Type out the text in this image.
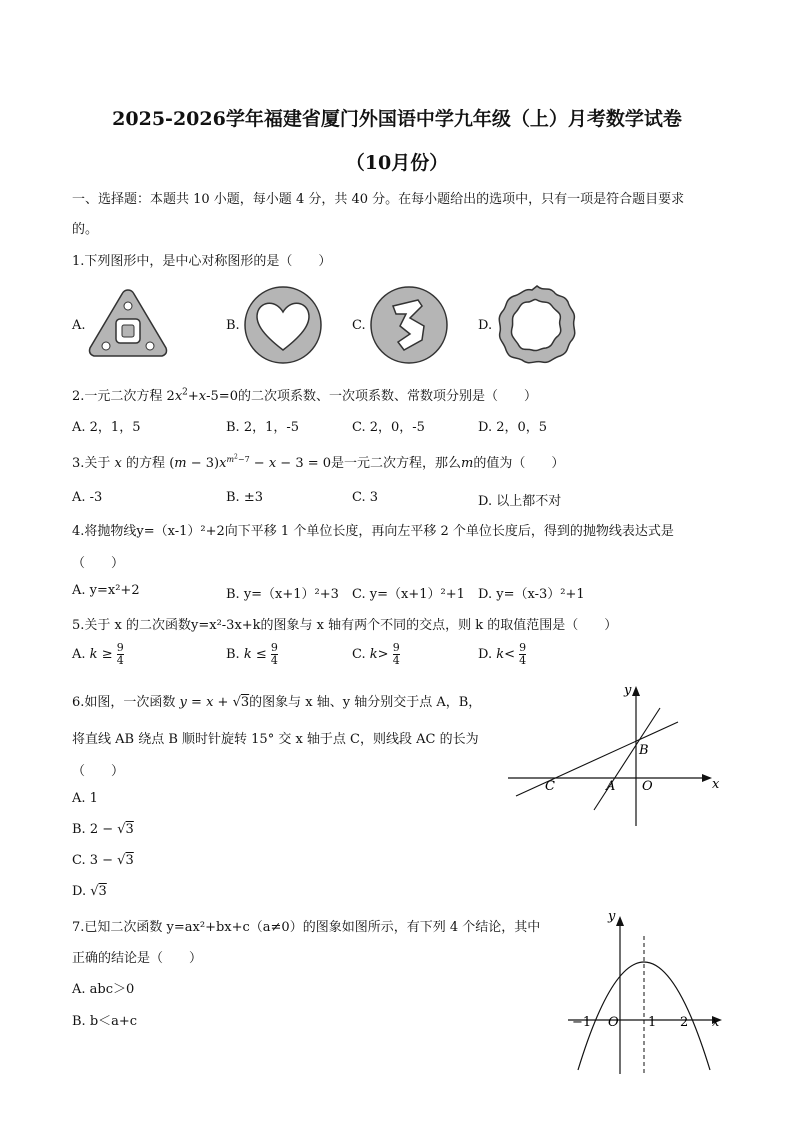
2025-2026学年福建省厦门外国语中学九年级（上）月考数学试卷
（10月份）
一、选择题：本题共 10 小题，每小题 4 分，共 40 分。在每小题给出的选项中，只有一项是符合题目要求
的。
1.下列图形中，是中心对称图形的是（　　）
A.	B.	C.	D.
2.一元二次方程 $2x^2+x-5=0$的二次项系数、一次项系数、常数项分别是（　　）
A. 2，1，5	B. 2，1，-5	C. 2，0，-5	D. 2，0，5
3.关于 x 的方程 $(m - 3)x^{m^2-7} - x - 3 = 0$是一元二次方程，那么m的值为（　　）
A. -3	B. ±3	C. 3	D. 以上都不对
4.将抛物线y=（x-1）²+2向下平移 1 个单位长度，再向左平移 2 个单位长度后，得到的抛物线表达式是
（　　）
A. y=x²+2	B. y=（x+1）²+3 C. y=（x+1）²+1 D. y=（x-3）²+1
5.关于 x 的二次函数y=x²-3x+k的图象与 x 轴有两个不同的交点，则 k 的取值范围是（　　）
A. $k \ge \frac{9}{4}$	B. $k \le \frac{9}{4}$	C. $k> \frac{9}{4}$	D. $k< \frac{9}{4}$
6.如图，一次函数 y = x + √3的图象与 x 轴、y 轴分别交于点 A，B，
将直线 AB 绕点 B 顺时针旋转 15° 交 x 轴于点 C，则线段 AC 的长为
（　　）
A. 1
B. 2 − √3
C. 3 − √3
D. √3
y
x
B
C	A O
7.已知二次函数 y=ax²+bx+c（a≠0）的图象如图所示，有下列 4 个结论，其中
正确的结论是（　　）
A. abc＞0
B. b＜a+c
y
x
−1 O 1 2
